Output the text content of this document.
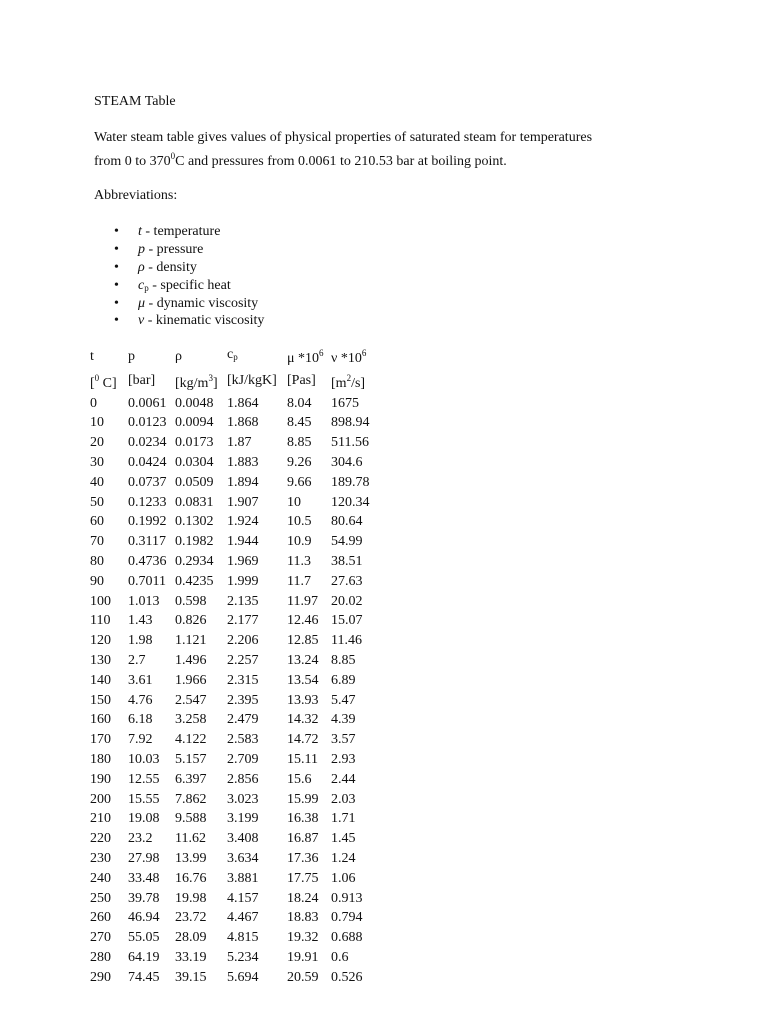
STEAM Table

Water steam table gives values of physical properties of saturated steam for temperatures
from 0 to $370^0C$ and pressures from 0.0061 to 210.53 bar at boiling point.

Abbreviations:

• t - temperature
• p - pressure
• ρ - density
• $c_p$ - specific heat
• μ - dynamic viscosity
• ν - kinematic viscosity
t	p	ρ	$c_p$	μ $*10^6$	ν $*10^6$
[$^0$ C]	[bar]	$[kg/m^3]$	[kJ/kgK]	[Pas]	$[m^2/s]$
0	0.0061	0.0048	1.864	8.04	1675
10	0.0123	0.0094	1.868	8.45	898.94
20	0.0234	0.0173	1.87	8.85	511.56
30	0.0424	0.0304	1.883	9.26	304.6
40	0.0737	0.0509	1.894	9.66	189.78
50	0.1233	0.0831	1.907	10	120.34
60	0.1992	0.1302	1.924	10.5	80.64
70	0.3117	0.1982	1.944	10.9	54.99
80	0.4736	0.2934	1.969	11.3	38.51
90	0.7011	0.4235	1.999	11.7	27.63
100	1.013	0.598	2.135	11.97	20.02
110	1.43	0.826	2.177	12.46	15.07
120	1.98	1.121	2.206	12.85	11.46
130	2.7	1.496	2.257	13.24	8.85
140	3.61	1.966	2.315	13.54	6.89
150	4.76	2.547	2.395	13.93	5.47
160	6.18	3.258	2.479	14.32	4.39
170	7.92	4.122	2.583	14.72	3.57
180	10.03	5.157	2.709	15.11	2.93
190	12.55	6.397	2.856	15.6	2.44
200	15.55	7.862	3.023	15.99	2.03
210	19.08	9.588	3.199	16.38	1.71
220	23.2	11.62	3.408	16.87	1.45
230	27.98	13.99	3.634	17.36	1.24
240	33.48	16.76	3.881	17.75	1.06
250	39.78	19.98	4.157	18.24	0.913
260	46.94	23.72	4.467	18.83	0.794
270	55.05	28.09	4.815	19.32	0.688
280	64.19	33.19	5.234	19.91	0.6
290	74.45	39.15	5.694	20.59	0.526
